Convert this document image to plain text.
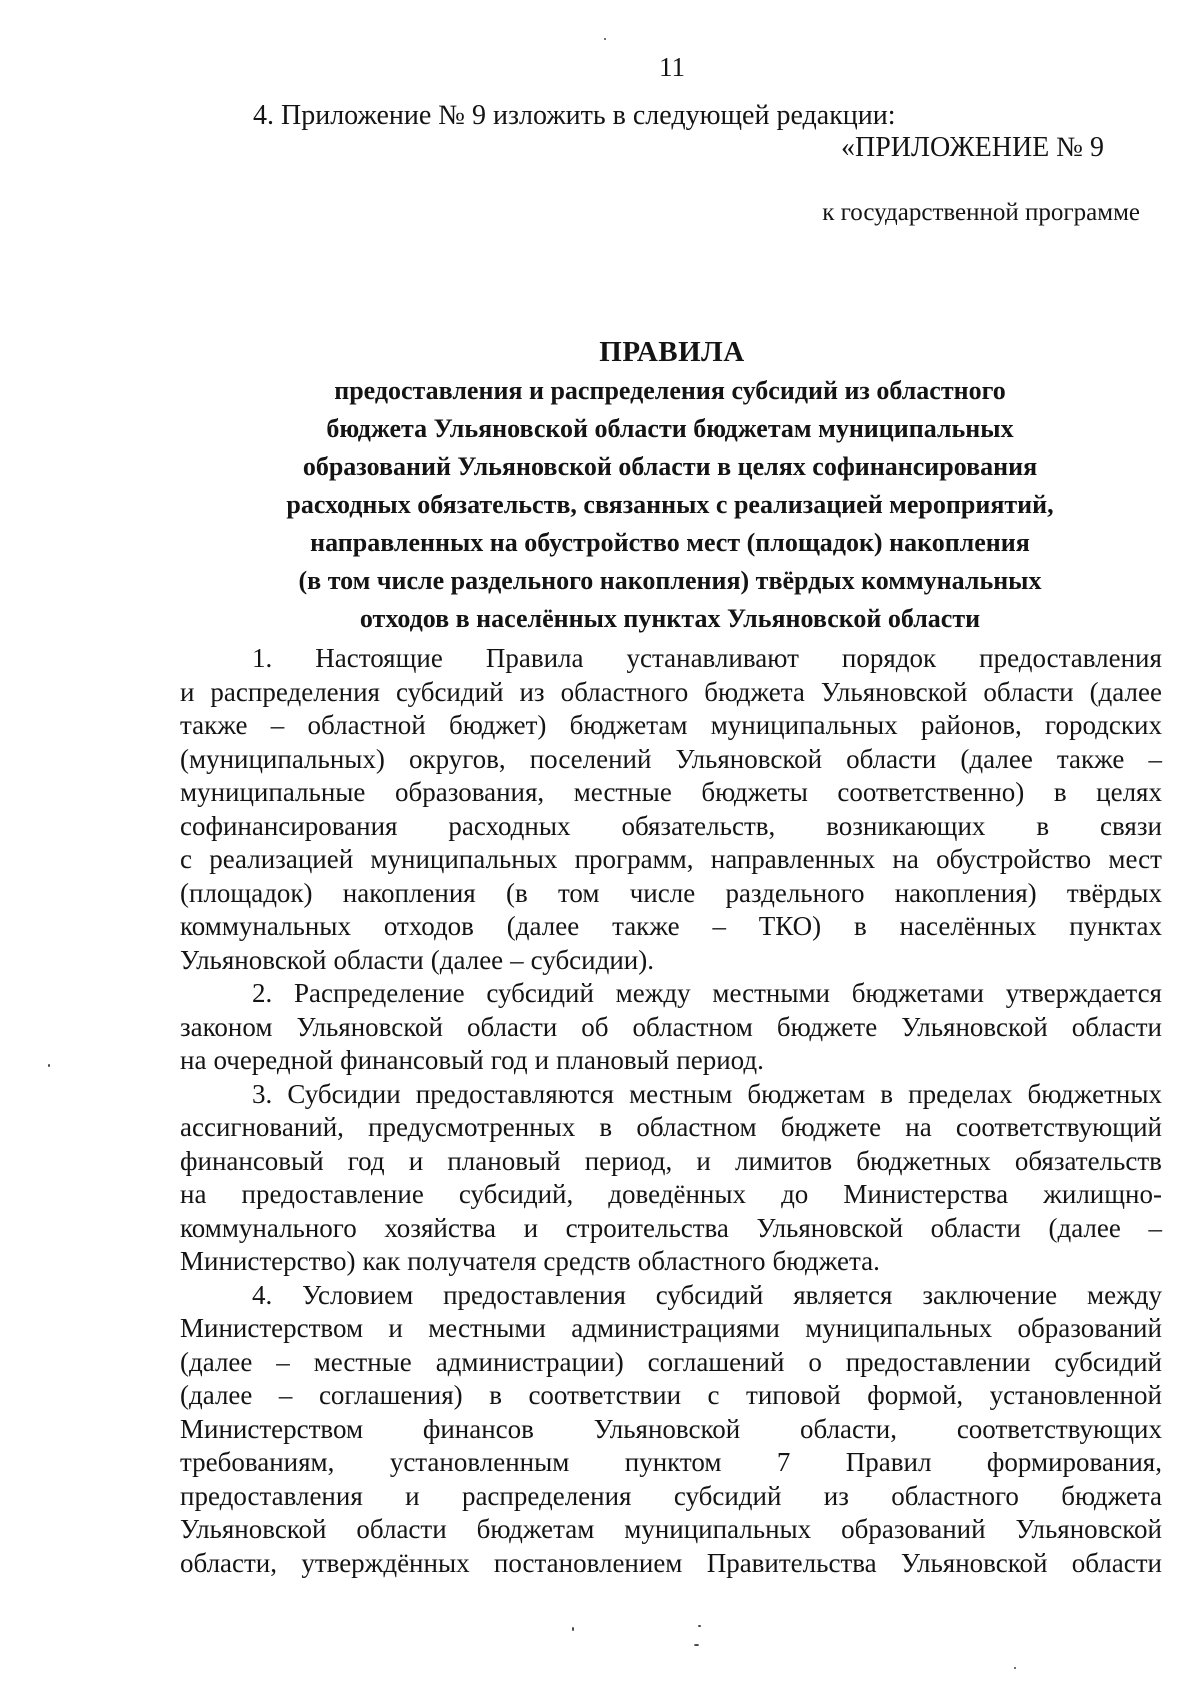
11
4. Приложение № 9 изложить в следующей редакции:
«ПРИЛОЖЕНИЕ № 9
к государственной программе
ПРАВИЛА
предоставления и распределения субсидий из областного
бюджета Ульяновской области бюджетам муниципальных
образований Ульяновской области в целях софинансирования
расходных обязательств, связанных с реализацией мероприятий,
направленных на обустройство мест (площадок) накопления
(в том числе раздельного накопления) твёрдых коммунальных
отходов в населённых пунктах Ульяновской области
1. Настоящие Правила устанавливают порядок предоставления
и распределения субсидий из областного бюджета Ульяновской области (далее
также – областной бюджет) бюджетам муниципальных районов, городских
(муниципальных) округов, поселений Ульяновской области (далее также –
муниципальные образования, местные бюджеты соответственно) в целях
софинансирования расходных обязательств, возникающих в связи
с реализацией муниципальных программ, направленных на обустройство мест
(площадок) накопления (в том числе раздельного накопления) твёрдых
коммунальных отходов (далее также – ТКО) в населённых пунктах
Ульяновской области (далее – субсидии).
2. Распределение субсидий между местными бюджетами утверждается
законом Ульяновской области об областном бюджете Ульяновской области
на очередной финансовый год и плановый период.
3. Субсидии предоставляются местным бюджетам в пределах бюджетных
ассигнований, предусмотренных в областном бюджете на соответствующий
финансовый год и плановый период, и лимитов бюджетных обязательств
на предоставление субсидий, доведённых до Министерства жилищно-
коммунального хозяйства и строительства Ульяновской области (далее –
Министерство) как получателя средств областного бюджета.
4. Условием предоставления субсидий является заключение между
Министерством и местными администрациями муниципальных образований
(далее – местные администрации) соглашений о предоставлении субсидий
(далее – соглашения) в соответствии с типовой формой, установленной
Министерством финансов Ульяновской области, соответствующих
требованиям, установленным пунктом 7 Правил формирования,
предоставления и распределения субсидий из областного бюджета
Ульяновской области бюджетам муниципальных образований Ульяновской
области, утверждённых постановлением Правительства Ульяновской области
